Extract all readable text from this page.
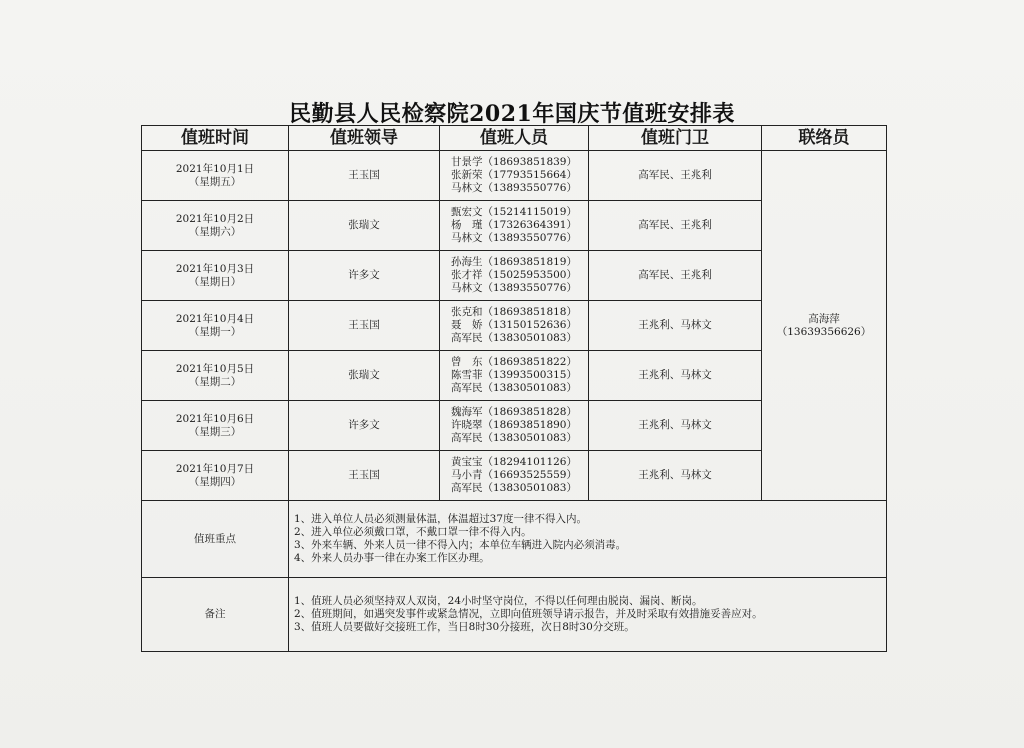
民勤县人民检察院2021年国庆节值班安排表
值班时间	值班领导	值班人员	值班门卫	联络员

2021年10月1日
（星期五）	王玉国	甘景学（18693851839）
张新荣（17793515664）
马林文（13893550776）	高军民、王兆利	高海萍
（13639356626）

2021年10月2日
（星期六）	张瑞文	甄宏文（15214115019）
杨　瑾（17326364391）
马林文（13893550776）	高军民、王兆利	

2021年10月3日
（星期日）	许多文	孙海生（18693851819）
张才祥（15025953500）
马林文（13893550776）	高军民、王兆利	

2021年10月4日
（星期一）	王玉国	张克和（18693851818）
聂　娇（13150152636）
高军民（13830501083）	王兆利、马林文	

2021年10月5日
（星期二）	张瑞文	曾　东（18693851822）
陈雪菲（13993500315）
高军民（13830501083）	王兆利、马林文	

2021年10月6日
（星期三）	许多文	魏海军（18693851828）
许晓翠（18693851890）
高军民（13830501083）	王兆利、马林文	

2021年10月7日
（星期四）	王玉国	黄宝宝（18294101126）
马小青（16693525559）
高军民（13830501083）	王兆利、马林文	
值班重点	1、进入单位人员必须测量体温，体温超过37度一律不得入内。
2、进入单位必须戴口罩，不戴口罩一律不得入内。
3、外来车辆、外来人员一律不得入内；本单位车辆进入院内必须消毒。
4、外来人员办事一律在办案工作区办理。			

备注	1、值班人员必须坚持双人双岗，24小时坚守岗位，不得以任何理由脱岗、漏岗、断岗。
2、值班期间，如遇突发事件或紧急情况，立即向值班领导请示报告，并及时采取有效措施妥善应对。
3、值班人员要做好交接班工作，当日8时30分接班，次日8时30分交班。			
